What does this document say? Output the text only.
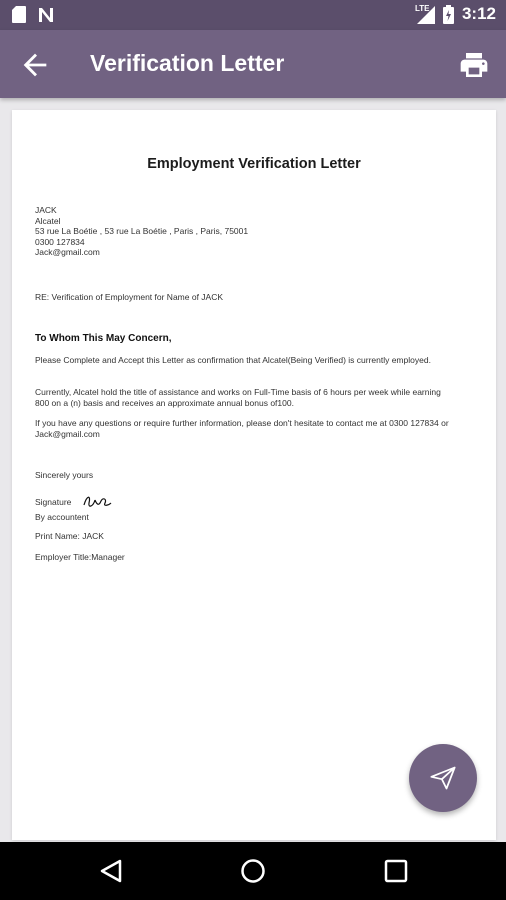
LTE 3:12
Verification Letter
Employment Verification Letter
JACK
Alcatel
53 rue La Boétie , 53 rue La Boétie , Paris , Paris, 75001
0300 127834
Jack@gmail.com
RE: Verification of Employment for Name of JACK
To Whom This May Concern,
Please Complete and Accept this Letter as confirmation that Alcatel(Being Verified) is currently employed.
Currently, Alcatel hold the title of assistance and works on Full-Time basis of 6 hours per week while earning 800 on a (n) basis and receives an approximate annual bonus of100.
If you have any questions or require further information, please don't hesitate to contact me at 0300 127834 or Jack@gmail.com
Sincerely yours
Signature
By accountent
Print Name: JACK
Employer Title:Manager
